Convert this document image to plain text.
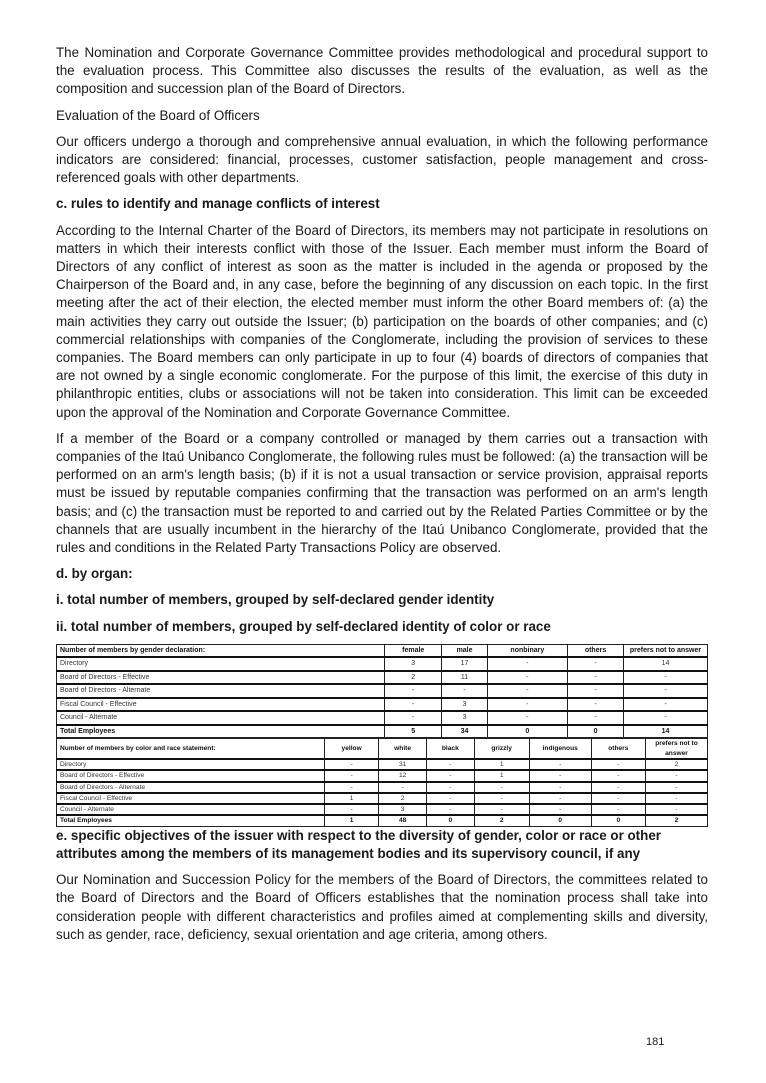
The Nomination and Corporate Governance Committee provides methodological and procedural support to the evaluation process. This Committee also discusses the results of the evaluation, as well as the composition and succession plan of the Board of Directors.

Evaluation of the Board of Officers

Our officers undergo a thorough and comprehensive annual evaluation, in which the following performance indicators are considered: financial, processes, customer satisfaction, people management and cross-referenced goals with other departments.

c. rules to identify and manage conflicts of interest

According to the Internal Charter of the Board of Directors, its members may not participate in resolutions on matters in which their interests conflict with those of the Issuer. Each member must inform the Board of Directors of any conflict of interest as soon as the matter is included in the agenda or proposed by the Chairperson of the Board and, in any case, before the beginning of any discussion on each topic. In the first meeting after the act of their election, the elected member must inform the other Board members of: (a) the main activities they carry out outside the Issuer; (b) participation on the boards of other companies; and (c) commercial relationships with companies of the Conglomerate, including the provision of services to these companies. The Board members can only participate in up to four (4) boards of directors of companies that are not owned by a single economic conglomerate. For the purpose of this limit, the exercise of this duty in philanthropic entities, clubs or associations will not be taken into consideration. This limit can be exceeded upon the approval of the Nomination and Corporate Governance Committee.

If a member of the Board or a company controlled or managed by them carries out a transaction with companies of the Itaú Unibanco Conglomerate, the following rules must be followed: (a) the transaction will be performed on an arm's length basis; (b) if it is not a usual transaction or service provision, appraisal reports must be issued by reputable companies confirming that the transaction was performed on an arm's length basis; and (c) the transaction must be reported to and carried out by the Related Parties Committee or by the channels that are usually incumbent in the hierarchy of the Itaú Unibanco Conglomerate, provided that the rules and conditions in the Related Party Transactions Policy are observed.

d. by organ:

i. total number of members, grouped by self-declared gender identity

ii. total number of members, grouped by self-declared identity of color or race

Number of members by gender declaration:	female	male	nonbinary	others	prefers not to answer
Directory	3	17	-	-	14
Board of Directors - Effective	2	11	-	-	-
Board of Directors - Alternate	-	-	-	-	-
Fiscal Council - Effective	-	3	-	-	-
Council - Alternate	-	3	-	-	-
Total Employees	5	34	0	0	14
Number of members by color and race statement:	yellow	white	black	grizzly	indigenous	others	prefers not to answer
Directory	-	31	-	1	-	-	2
Board of Directors - Effective	-	12	-	1	-	-	-
Board of Directors - Alternate	-	-	-	-	-	-	-
Fiscal Council - Effective	1	2	-	-	-	-	-
Council - Alternate	-	3	-	-	-	-	-
Total Employees	1	48	0	2	0	0	2

e. specific objectives of the issuer with respect to the diversity of gender, color or race or other attributes among the members of its management bodies and its supervisory council, if any

Our Nomination and Succession Policy for the members of the Board of Directors, the committees related to the Board of Directors and the Board of Officers establishes that the nomination process shall take into consideration people with different characteristics and profiles aimed at complementing skills and diversity, such as gender, race, deficiency, sexual orientation and age criteria, among others.

181
